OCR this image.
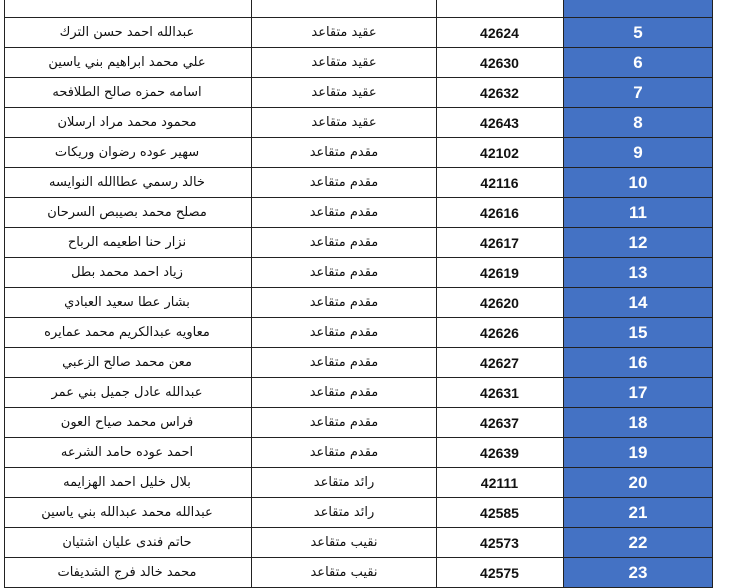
عبدالله احمد حسن الترك	عقيد متقاعد	42624	5
علي محمد ابراهيم بني ياسين	عقيد متقاعد	42630	6
اسامه حمزه صالح الطلافحه	عقيد متقاعد	42632	7
محمود محمد مراد ارسلان	عقيد متقاعد	42643	8
سهير عوده رضوان وريكات	مقدم متقاعد	42102	9
خالد رسمي عطاالله النوايسه	مقدم متقاعد	42116	10
مصلح محمد بصيبص السرحان	مقدم متقاعد	42616	11
نزار حنا اطعيمه الرباح	مقدم متقاعد	42617	12
زياد احمد محمد بطل	مقدم متقاعد	42619	13
بشار عطا سعيد العبادي	مقدم متقاعد	42620	14
معاويه عبدالكريم محمد عمايره	مقدم متقاعد	42626	15
معن محمد صالح الزعبي	مقدم متقاعد	42627	16
عبدالله عادل جميل بني عمر	مقدم متقاعد	42631	17
فراس محمد صياح العون	مقدم متقاعد	42637	18
احمد عوده حامد الشرعه	مقدم متقاعد	42639	19
بلال خليل احمد الهزايمه	رائد متقاعد	42111	20
عبدالله محمد عبدالله بني ياسين	رائد متقاعد	42585	21
حاتم فندى عليان اشتيان	نقيب متقاعد	42573	22
محمد خالد فرج الشديفات	نقيب متقاعد	42575	23
